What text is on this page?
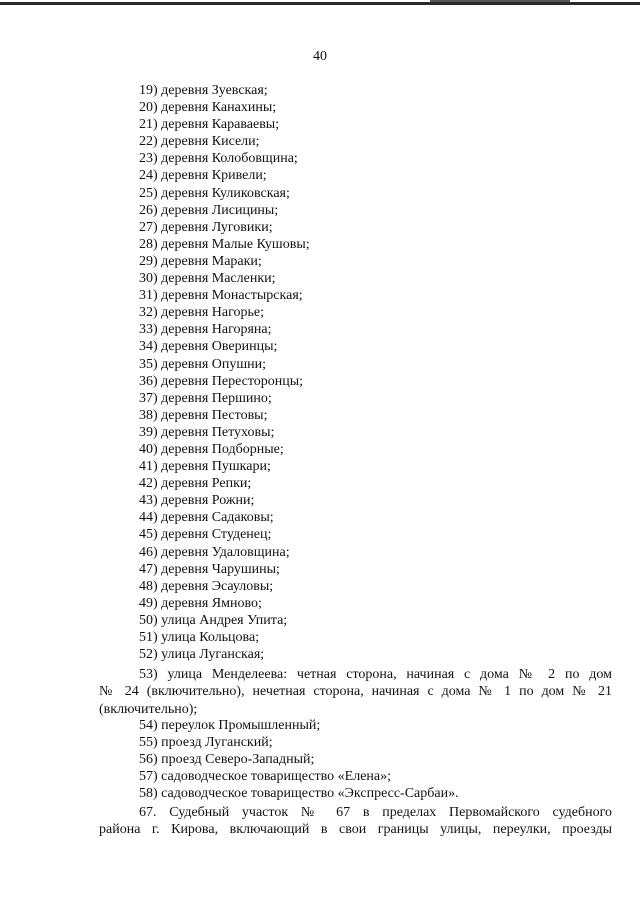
40
19) деревня Зуевская;
20) деревня Канахины;
21) деревня Караваевы;
22) деревня Кисели;
23) деревня Колобовщина;
24) деревня Кривели;
25) деревня Куликовская;
26) деревня Лисицины;
27) деревня Луговики;
28) деревня Малые Кушовы;
29) деревня Мараки;
30) деревня Масленки;
31) деревня Монастырская;
32) деревня Нагорье;
33) деревня Нагоряна;
34) деревня Оверинцы;
35) деревня Опушни;
36) деревня Пересторонцы;
37) деревня Першино;
38) деревня Пестовы;
39) деревня Петуховы;
40) деревня Подборные;
41) деревня Пушкари;
42) деревня Репки;
43) деревня Рожни;
44) деревня Садаковы;
45) деревня Студенец;
46) деревня Удаловщина;
47) деревня Чарушины;
48) деревня Эсауловы;
49) деревня Ямново;
50) улица Андрея Упита;
51) улица Кольцова;
52) улица Луганская;
53) улица Менделеева: четная сторона, начиная с дома № 2 по дом
№ 24 (включительно), нечетная сторона, начиная с дома № 1 по дом № 21
(включительно);
54) переулок Промышленный;
55) проезд Луганский;
56) проезд Северо-Западный;
57) садоводческое товарищество «Елена»;
58) садоводческое товарищество «Экспресс-Сарбаи».
67. Судебный участок № 67 в пределах Первомайского судебного
района г. Кирова, включающий в свои границы улицы, переулки, проезды
